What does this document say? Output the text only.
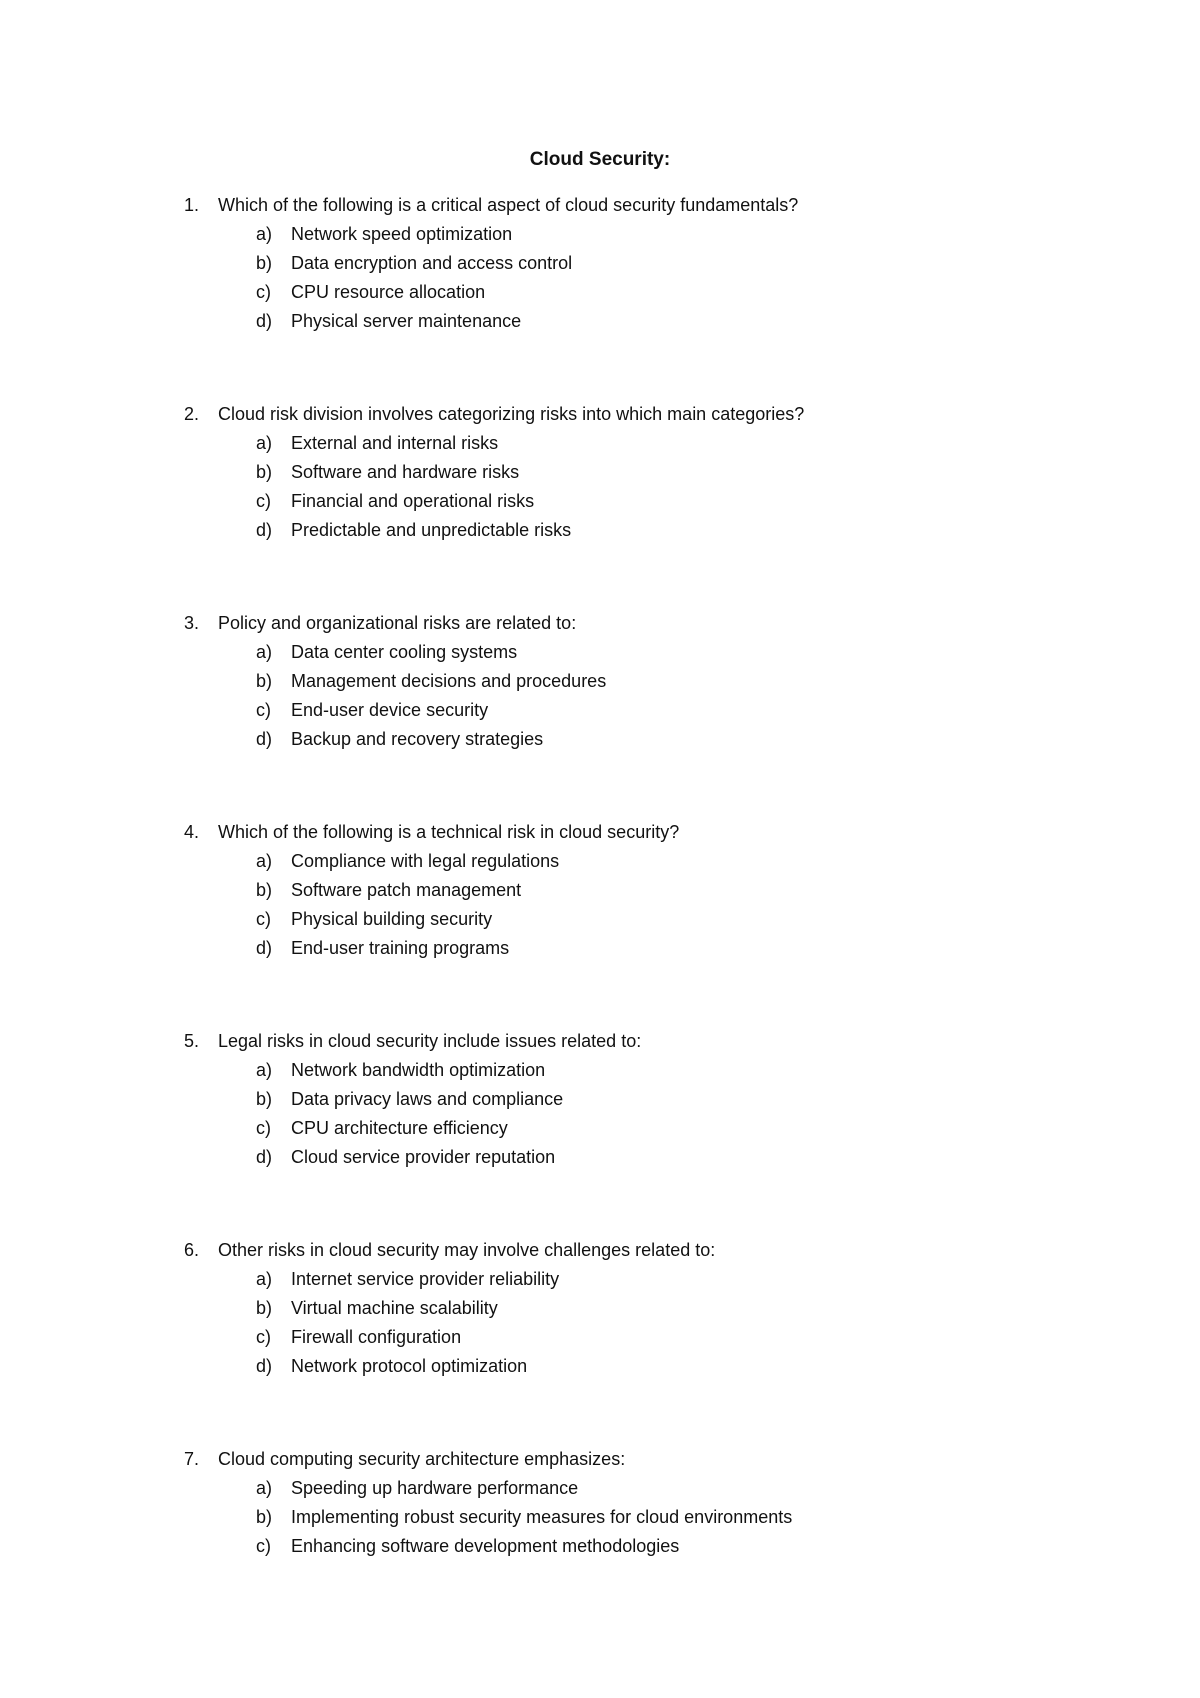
Cloud Security:
1. Which of the following is a critical aspect of cloud security fundamentals?
a) Network speed optimization
b) Data encryption and access control
c) CPU resource allocation
d) Physical server maintenance
2. Cloud risk division involves categorizing risks into which main categories?
a) External and internal risks
b) Software and hardware risks
c) Financial and operational risks
d) Predictable and unpredictable risks
3. Policy and organizational risks are related to:
a) Data center cooling systems
b) Management decisions and procedures
c) End-user device security
d) Backup and recovery strategies
4. Which of the following is a technical risk in cloud security?
a) Compliance with legal regulations
b) Software patch management
c) Physical building security
d) End-user training programs
5. Legal risks in cloud security include issues related to:
a) Network bandwidth optimization
b) Data privacy laws and compliance
c) CPU architecture efficiency
d) Cloud service provider reputation
6. Other risks in cloud security may involve challenges related to:
a) Internet service provider reliability
b) Virtual machine scalability
c) Firewall configuration
d) Network protocol optimization
7. Cloud computing security architecture emphasizes:
a) Speeding up hardware performance
b) Implementing robust security measures for cloud environments
c) Enhancing software development methodologies
